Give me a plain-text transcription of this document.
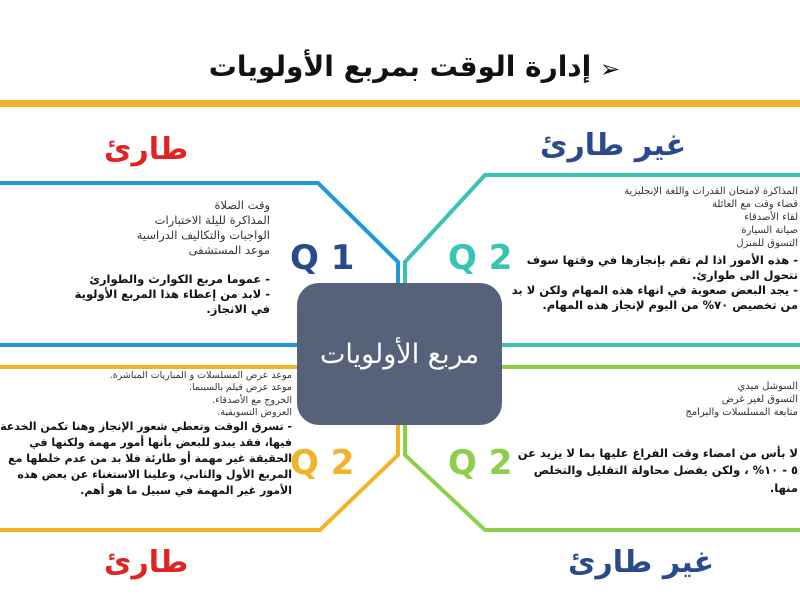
إدارة الوقت بمربع الأولويات ➢
طارئ	غير طارئ
طارئ	غير طارئ
Q 1	Q 2
Q 2	Q 2
وقت الصلاة
المذاكرة لليلة الاختبارات
الواجبات والتكاليف الدراسية
موعد المستشفى
- عموما مربع الكوارث والطوارئ
- لابد من إعطاء هذا المربع الأولوية في الانجاز.
المذاكرة لامتحان القدرات واللغة الإنجليزية
قضاء وقت مع العائلة
لقاء الأصدقاء
صيانة السيارة
التسوق للمنزل
- هذه الأمور اذا لم تقم بإنجازها في وقتها سوف تتحول الى طوارئ.
- يجد البعض صعوبة في انهاء هذه المهام ولكن لا بد من تخصيص ٧٠% من اليوم لإنجاز هذه المهام.
موعد عرض المسلسلات و المباريات المباشرة.
موعد عرض فيلم بالسينما.
الخروج مع الأصدقاء.
العروض التسويقية.
- تسرق الوقت وتعطي شعور الإنجاز وهنا تكمن الخدعة فيها، فقد يبدو للبعض بأنها أمور مهمة ولكنها في الحقيقة غير مهمة أو طارئة فلا بد من عدم خلطها مع المربع الأول والثاني، وعلينا الاستغناء عن بعض هذه الأمور غير المهمة في سبيل ما هو أهم.
السوشل ميدي
التسوق لغير غرض
متابعة المسلسلات والبرامج
لا بأس من امضاء وقت الفراغ عليها بما لا يزيد عن ٥ - ١٠% ، ولكن يفضل محاولة التقليل والتخلص منها.
مربع الأولويات
